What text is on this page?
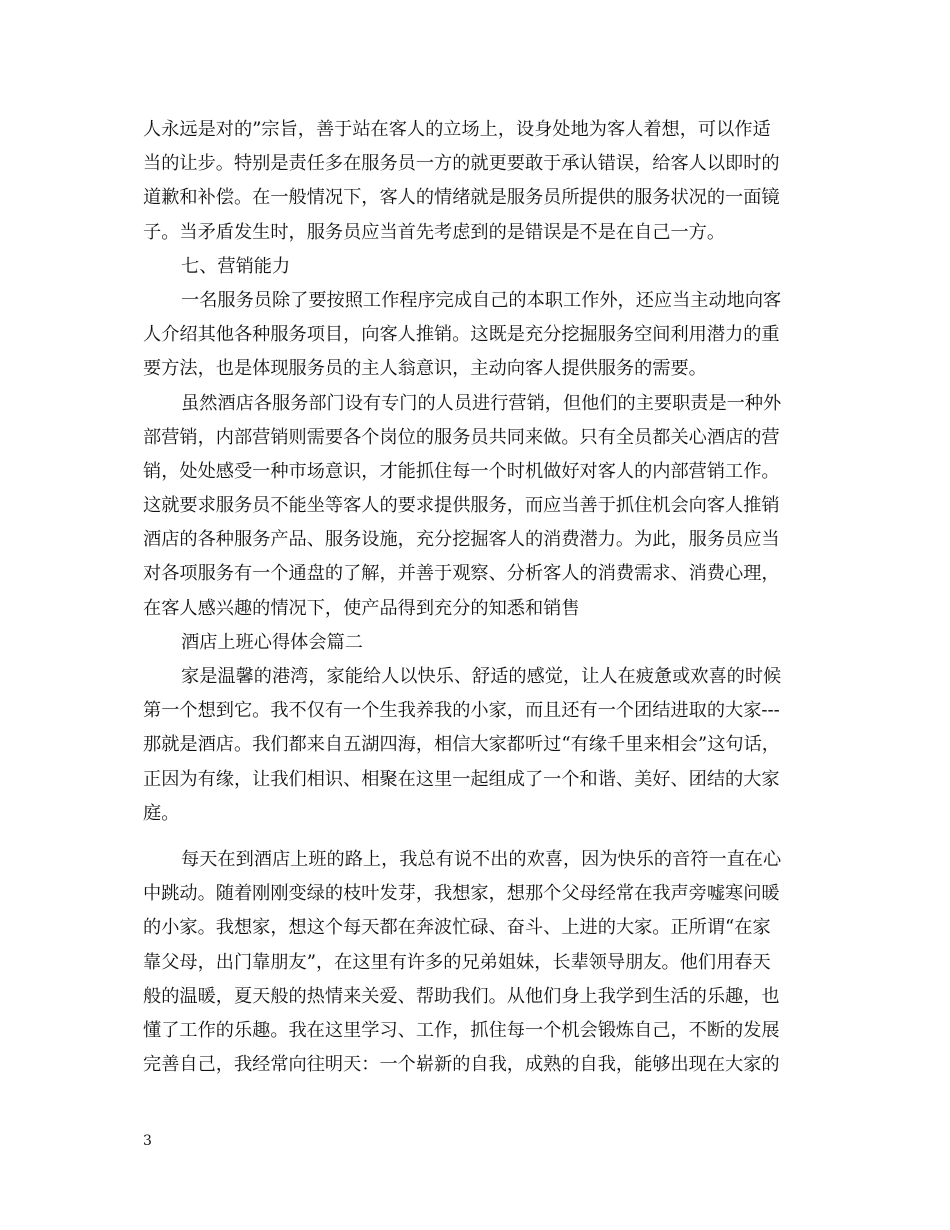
人永远是对的”宗旨，善于站在客人的立场上，设身处地为客人着想，可以作适
当的让步。特别是责任多在服务员一方的就更要敢于承认错误，给客人以即时的
道歉和补偿。在一般情况下，客人的情绪就是服务员所提供的服务状况的一面镜
子。当矛盾发生时，服务员应当首先考虑到的是错误是不是在自己一方。
七、营销能力
一名服务员除了要按照工作程序完成自己的本职工作外，还应当主动地向客
人介绍其他各种服务项目，向客人推销。这既是充分挖掘服务空间利用潜力的重
要方法，也是体现服务员的主人翁意识，主动向客人提供服务的需要。
虽然酒店各服务部门设有专门的人员进行营销，但他们的主要职责是一种外
部营销，内部营销则需要各个岗位的服务员共同来做。只有全员都关心酒店的营
销，处处感受一种市场意识，才能抓住每一个时机做好对客人的内部营销工作。
这就要求服务员不能坐等客人的要求提供服务，而应当善于抓住机会向客人推销
酒店的各种服务产品、服务设施，充分挖掘客人的消费潜力。为此，服务员应当
对各项服务有一个通盘的了解，并善于观察、分析客人的消费需求、消费心理，
在客人感兴趣的情况下，使产品得到充分的知悉和销售
酒店上班心得体会篇二
家是温馨的港湾，家能给人以快乐、舒适的感觉，让人在疲惫或欢喜的时候
第一个想到它。我不仅有一个生我养我的小家，而且还有一个团结进取的大家---
那就是酒店。我们都来自五湖四海，相信大家都听过“有缘千里来相会”这句话，
正因为有缘，让我们相识、相聚在这里一起组成了一个和谐、美好、团结的大家
庭。
每天在到酒店上班的路上，我总有说不出的欢喜，因为快乐的音符一直在心
中跳动。随着刚刚变绿的枝叶发芽，我想家，想那个父母经常在我声旁嘘寒问暖
的小家。我想家，想这个每天都在奔波忙碌、奋斗、上进的大家。正所谓“在家
靠父母，出门靠朋友”，在这里有许多的兄弟姐妹，长辈领导朋友。他们用春天
般的温暖，夏天般的热情来关爱、帮助我们。从他们身上我学到生活的乐趣，也
懂了工作的乐趣。我在这里学习、工作，抓住每一个机会锻炼自己，不断的发展
完善自己，我经常向往明天：一个崭新的自我，成熟的自我，能够出现在大家的
3
